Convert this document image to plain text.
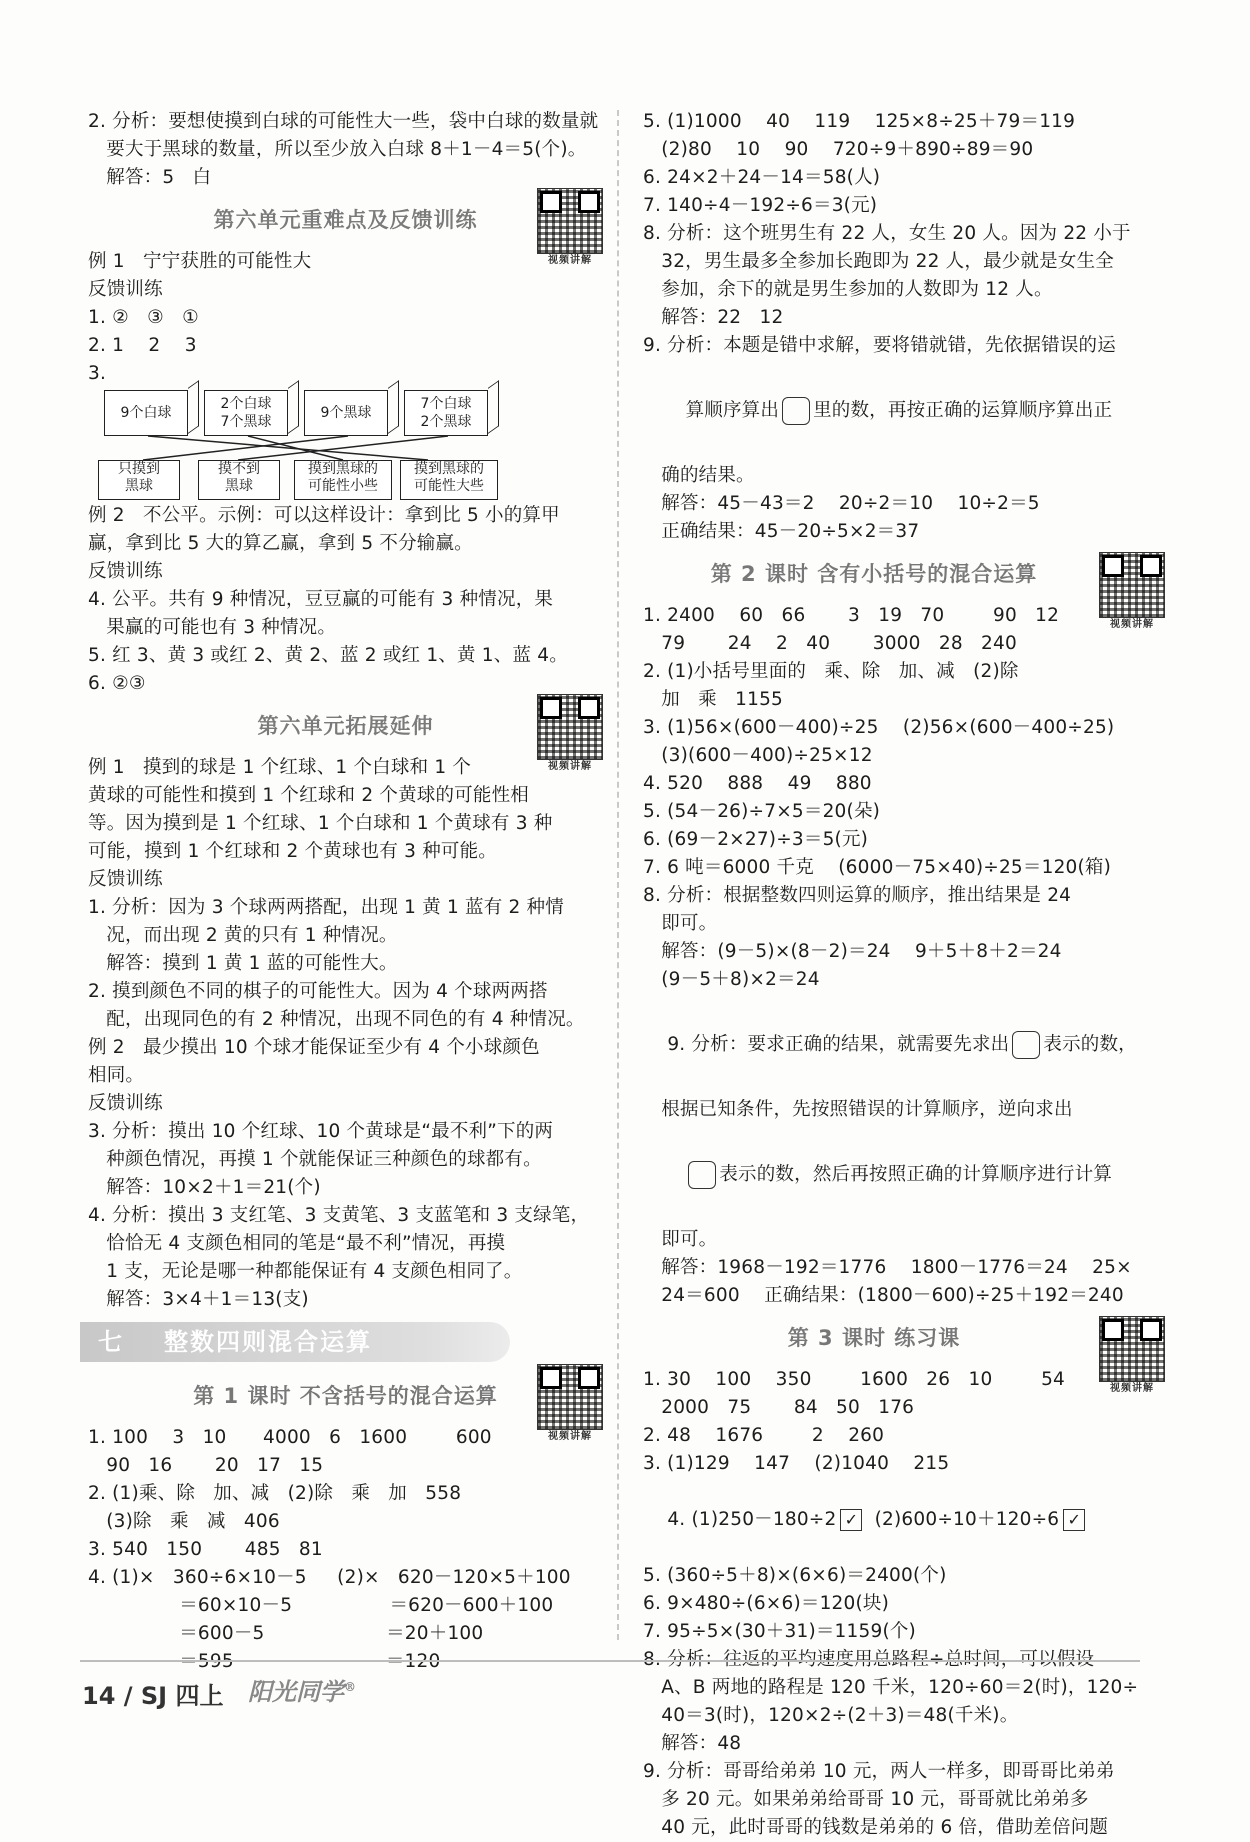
2. 分析：要想使摸到白球的可能性大一些，袋中白球的数量就
要大于黑球的数量，所以至少放入白球 8＋1－4＝5(个)。
解答：5   白
第六单元重难点及反馈训练
视频讲解
例 1   宁宁获胜的可能性大
反馈训练
1. ②   ③   ①
2. 1    2    3
3.
9个白球
2个白球
7个黑球
9个黑球
7个白球
2个黑球
只摸到
黑球
摸不到
黑球
摸到黑球的
可能性小些
摸到黑球的
可能性大些
例 2   不公平。示例：可以这样设计：拿到比 5 小的算甲
赢，拿到比 5 大的算乙赢，拿到 5 不分输赢。
反馈训练
4. 公平。共有 9 种情况，豆豆赢的可能有 3 种情况，果
果赢的可能也有 3 种情况。
5. 红 3、黄 3 或红 2、黄 2、蓝 2 或红 1、黄 1、蓝 4。
6. ②③
第六单元拓展延伸
视频讲解
例 1   摸到的球是 1 个红球、1 个白球和 1 个
黄球的可能性和摸到 1 个红球和 2 个黄球的可能性相
等。因为摸到是 1 个红球、1 个白球和 1 个黄球有 3 种
可能，摸到 1 个红球和 2 个黄球也有 3 种可能。
反馈训练
1. 分析：因为 3 个球两两搭配，出现 1 黄 1 蓝有 2 种情
况，而出现 2 黄的只有 1 种情况。
解答：摸到 1 黄 1 蓝的可能性大。
2. 摸到颜色不同的棋子的可能性大。因为 4 个球两两搭
配，出现同色的有 2 种情况，出现不同色的有 4 种情况。
例 2   最少摸出 10 个球才能保证至少有 4 个小球颜色
相同。
反馈训练
3. 分析：摸出 10 个红球、10 个黄球是“最不利”下的两
种颜色情况，再摸 1 个就能保证三种颜色的球都有。
解答：10×2＋1＝21(个)
4. 分析：摸出 3 支红笔、3 支黄笔、3 支蓝笔和 3 支绿笔，
恰恰无 4 支颜色相同的笔是“最不利”情况，再摸
1 支，无论是哪一种都能保证有 4 支颜色相同了。
解答：3×4＋1＝13(支)
七 整数四则混合运算
第 1 课时 不含括号的混合运算
视频讲解
1. 100    3   10      4000   6   1600        600
90   16       20   17   15
2. (1)乘、除   加、减   (2)除   乘   加   558
(3)除   乘   减   406
3. 540   150       485   81
4. (1)×   360÷6×10－5     (2)×   620－120×5＋100
＝60×10－5                ＝620－600＋100
＝600－5                    ＝20＋100
＝595                         ＝120
5. (1)1000    40    119    125×8÷25＋79＝119
(2)80    10    90    720÷9＋890÷89＝90
6. 24×2＋24－14＝58(人)
7. 140÷4－192÷6＝3(元)
8. 分析：这个班男生有 22 人，女生 20 人。因为 22 小于
32，男生最多全参加长跑即为 22 人，最少就是女生全
参加，余下的就是男生参加的人数即为 12 人。
解答：22   12
9. 分析：本题是错中求解，要将错就错，先依据错误的运

算顺序算出 里的数，再按正确的运算顺序算出正

确的结果。
解答：45－43＝2    20÷2＝10    10÷2＝5
正确结果：45－20÷5×2＝37
第 2 课时 含有小括号的混合运算
视频讲解
1. 2400    60   66       3   19   70        90   12
79       24    2   40       3000   28   240
2. (1)小括号里面的   乘、除   加、减   (2)除
加   乘   1155
3. (1)56×(600－400)÷25    (2)56×(600－400÷25)
(3)(600－400)÷25×12
4. 520    888    49    880
5. (54－26)÷7×5＝20(朵)
6. (69－2×27)÷3＝5(元)
7. 6 吨＝6000 千克    (6000－75×40)÷25＝120(箱)
8. 分析：根据整数四则运算的顺序，推出结果是 24
即可。
解答：(9－5)×(8－2)＝24    9＋5＋8＋2＝24
(9－5＋8)×2＝24

9. 分析：要求正确的结果，就需要先求出 表示的数，

根据已知条件，先按照错误的计算顺序，逆向求出

表示的数，然后再按照正确的计算顺序进行计算

即可。
解答：1968－192＝1776    1800－1776＝24    25×
24＝600    正确结果：(1800－600)÷25＋192＝240
第 3 课时 练习课
视频讲解
1. 30    100    350        1600   26   10        54
2000   75       84   50   176
2. 48    1676        2    260
3. (1)129    147    (2)1040    215

4. (1)250－180÷2 ✓  (2)600÷10＋120÷6 ✓

5. (360÷5＋8)×(6×6)＝2400(个)
6. 9×480÷(6×6)＝120(块)
7. 95÷5×(30＋31)＝1159(个)
8. 分析：往返的平均速度用总路程÷总时间，可以假设
A、B 两地的路程是 120 千米，120÷60＝2(时)，120÷
40＝3(时)，120×2÷(2＋3)＝48(千米)。
解答：48
9. 分析：哥哥给弟弟 10 元，两人一样多，即哥哥比弟弟
多 20 元。如果弟弟给哥哥 10 元，哥哥就比弟弟多
40 元，此时哥哥的钱数是弟弟的 6 倍，借助差倍问题
14 / SJ 四上 阳光同学®
